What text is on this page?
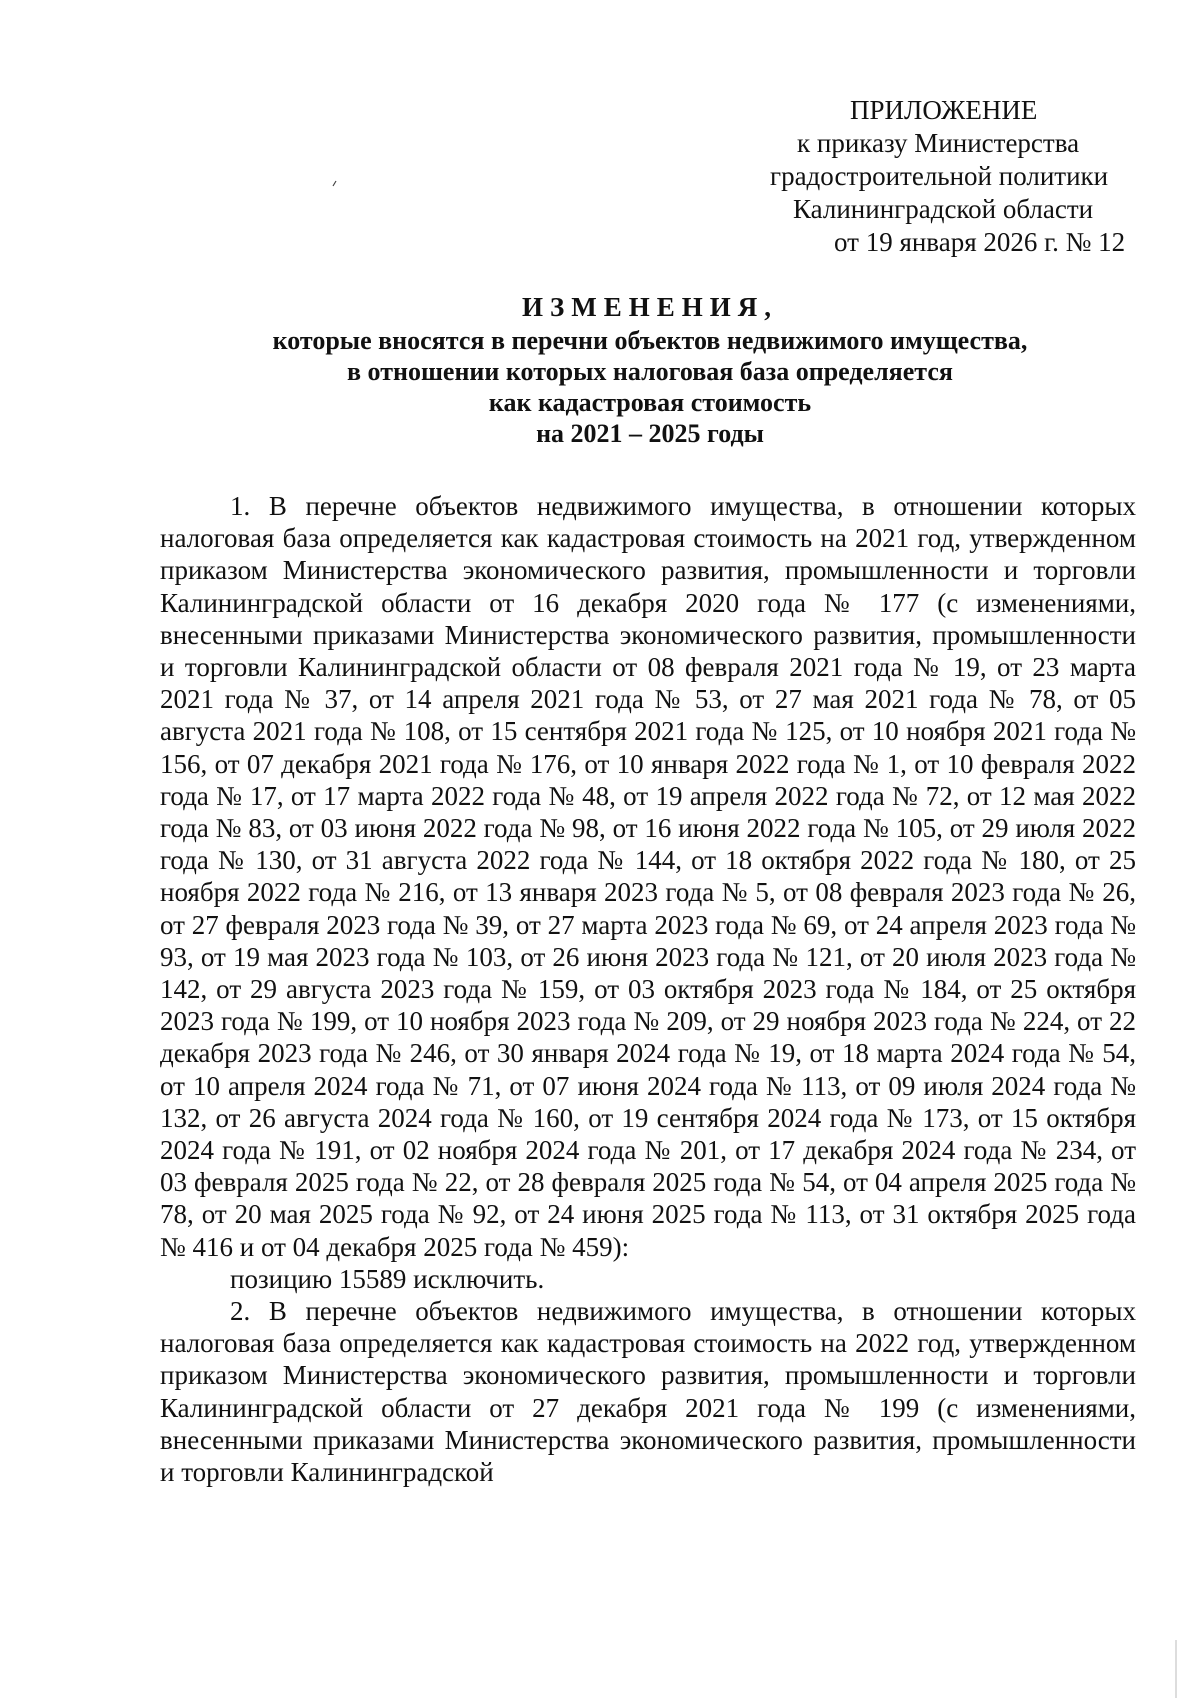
ПРИЛОЖЕНИЕ
к приказу Министерства
градостроительной политики
Калининградской области
от 19 января 2026 г. № 12
ИЗМЕНЕНИЯ,
которые вносятся в перечни объектов недвижимого имущества,
в отношении которых налоговая база определяется
как кадастровая стоимость
на 2021 – 2025 годы

1. В перечне объектов недвижимого имущества, в отношении которых налоговая база определяется как кадастровая стоимость на 2021 год, утвержденном приказом Министерства экономического развития, промышленности и торговли Калининградской области от 16 декабря 2020 года № 177 (с изменениями, внесенными приказами Министерства экономического развития, промышленности и торговли Калининградской области от 08 февраля 2021 года № 19, от 23 марта 2021 года № 37, от 14 апреля 2021 года № 53, от 27 мая 2021 года № 78, от 05 августа 2021 года № 108, от 15 сентября 2021 года № 125, от 10 ноября 2021 года № 156, от 07 декабря 2021 года № 176, от 10 января 2022 года № 1, от 10 февраля 2022 года № 17, от 17 марта 2022 года № 48, от 19 апреля 2022 года № 72, от 12 мая 2022 года № 83, от 03 июня 2022 года № 98, от 16 июня 2022 года № 105, от 29 июля 2022 года № 130, от 31 августа 2022 года № 144, от 18 октября 2022 года № 180, от 25 ноября 2022 года № 216, от 13 января 2023 года № 5, от 08 февраля 2023 года № 26, от 27 февраля 2023 года № 39, от 27 марта 2023 года № 69, от 24 апреля 2023 года № 93, от 19 мая 2023 года № 103, от 26 июня 2023 года № 121, от 20 июля 2023 года № 142, от 29 августа 2023 года № 159, от 03 октября 2023 года № 184, от 25 октября 2023 года № 199, от 10 ноября 2023 года № 209, от 29 ноября 2023 года № 224, от 22 декабря 2023 года № 246, от 30 января 2024 года № 19, от 18 марта 2024 года № 54, от 10 апреля 2024 года № 71, от 07 июня 2024 года № 113, от 09 июля 2024 года № 132, от 26 августа 2024 года № 160, от 19 сентября 2024 года № 173, от 15 октября 2024 года № 191, от 02 ноября 2024 года № 201, от 17 декабря 2024 года № 234, от 03 февраля 2025 года № 22, от 28 февраля 2025 года № 54, от 04 апреля 2025 года № 78, от 20 мая 2025 года № 92, от 24 июня 2025 года № 113, от 31 октября 2025 года № 416 и от 04 декабря 2025 года № 459):

позицию 15589 исключить.

2. В перечне объектов недвижимого имущества, в отношении которых налоговая база определяется как кадастровая стоимость на 2022 год, утвержденном приказом Министерства экономического развития, промышленности и торговли Калининградской области от 27 декабря 2021 года № 199 (с изменениями, внесенными приказами Министерства экономического развития, промышленности и торговли Калининградской
